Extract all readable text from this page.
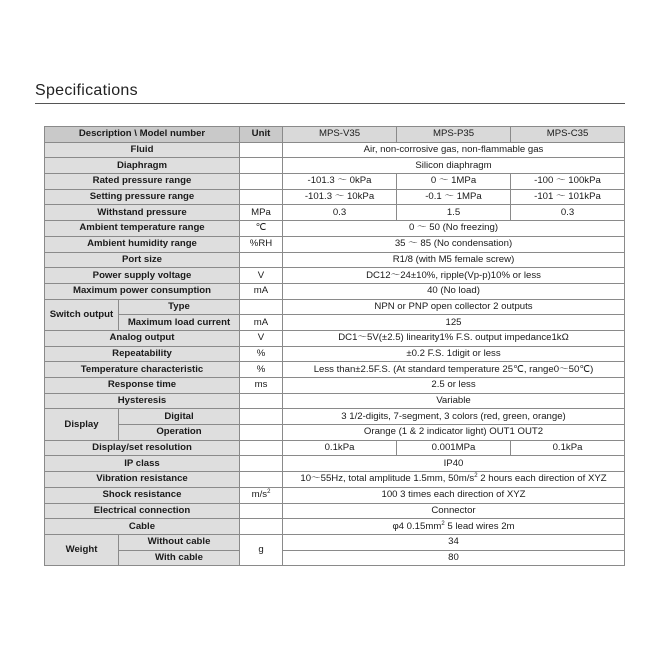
Specifications
Description \ Model number		Unit	MPS-V35	MPS-P35	MPS-C35
Fluid			Air, non-corrosive gas, non-flammable gas		
Diaphragm			Silicon diaphragm		
Rated pressure range			-101.3 ～ 0kPa	0 ～ 1MPa	-100 ～ 100kPa
Setting pressure range			-101.3 ～ 10kPa	-0.1 ～ 1MPa	-101 ～ 101kPa
Withstand pressure		MPa	0.3	1.5	0.3
Ambient temperature range		℃	0 ～ 50 (No freezing)		
Ambient humidity range		%RH	35 ～ 85 (No condensation)		
Port size			R1/8 (with M5 female screw)		
Power supply voltage		V	DC12～24±10%, ripple(Vp-p)10% or less		
Maximum power consumption		mA	40 (No load)		
Switch output	Type		NPN or PNP open collector 2 outputs		
	Maximum load current	mA	125		
Analog output		V	DC1～5V(±2.5) linearity1% F.S. output impedance1kΩ		
Repeatability		%	±0.2 F.S. 1digit or less		
Temperature characteristic		%	Less than±2.5F.S. (At standard temperature 25℃, range0～50℃)		
Response time		ms	2.5 or less		
Hysteresis			Variable		
Display	Digital		3 1/2-digits, 7-segment, 3 colors (red, green, orange)		
	Operation		Orange (1 & 2 indicator light) OUT1 OUT2		
Display/set resolution			0.1kPa	0.001MPa	0.1kPa
IP class			IP40		
Vibration resistance			10～55Hz, total amplitude 1.5mm, $50m/s^2$ 2 hours each direction of XYZ		
Shock resistance		$m/s^2$	100 3 times each direction of XYZ		
Electrical connection			Connector		
Cable			φ4 $0.15mm^2$ 5 lead wires 2m		
Weight	Without cable	g	34		
	With cable		80		
